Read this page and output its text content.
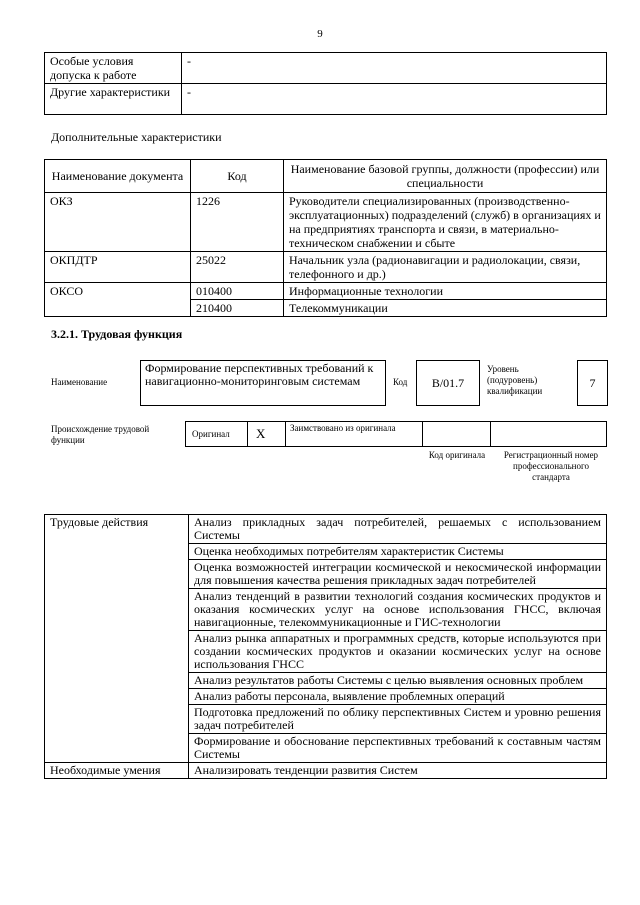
9
Особые условия допуска к работе	-
Другие характеристики	-
Дополнительные характеристики
Наименование документа	Код	Наименование базовой группы, должности (профессии) или специальности
ОКЗ	1226	Руководители специализированных (производственно-эксплуатационных) подразделений (служб) в организациях и на предприятиях транспорта и связи, в материально-техническом снабжении и сбыте
ОКПДТР	25022	Начальник узла (радионавигации и радиолокации, связи, телефонного и др.)
ОКСО	010400	Информационные технологии
	210400	Телекоммуникации
3.2.1. Трудовая функция
Наименование
Формирование перспективных требований к навигационно-мониторинговым системам	Код	B/01.7
Уровень (подуровень) квалификации
7
Происхождение трудовой функции
Оригинал X	Заимствовано из оригинала
Код оригинала	Регистрационный номер профессионального стандарта
Трудовые действия	Анализ прикладных задач потребителей, решаемых с использованием Системы
	Оценка необходимых потребителям характеристик Системы
	Оценка возможностей интеграции космической и некосмической информации для повышения качества решения прикладных задач потребителей
	Анализ тенденций в развитии технологий создания космических продуктов и оказания космических услуг на основе использования ГНСС, включая навигационные, телекоммуникационные и ГИС-технологии
	Анализ рынка аппаратных и программных средств, которые используются при создании космических продуктов и оказании космических услуг на основе использования ГНСС
	Анализ результатов работы Системы с целью выявления основных проблем
	Анализ работы персонала, выявление проблемных операций
	Подготовка предложений по облику перспективных Систем и уровню решения задач потребителей
	Формирование и обоснование перспективных требований к составным частям Системы
Необходимые умения	Анализировать тенденции развития Систем
